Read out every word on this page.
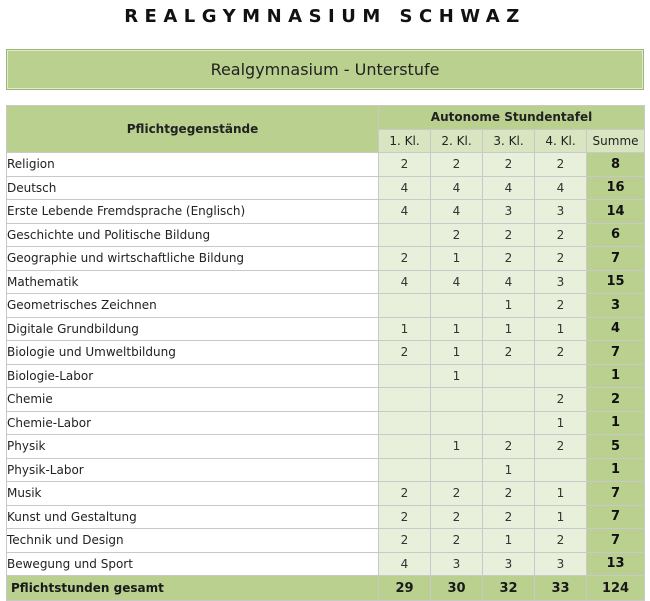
REALGYMNASIUM SCHWAZ
Realgymnasium - Unterstufe
Pflichtgegenstände	Autonome Stundentafel				
	1. Kl.	2. Kl.	3. Kl.	4. Kl.	Summe
Religion	2	2	2	2	8
Deutsch	4	4	4	4	16
Erste Lebende Fremdsprache (Englisch)	4	4	3	3	14
Geschichte und Politische Bildung		2	2	2	6
Geographie und wirtschaftliche Bildung	2	1	2	2	7
Mathematik	4	4	4	3	15
Geometrisches Zeichnen			1	2	3
Digitale Grundbildung	1	1	1	1	4
Biologie und Umweltbildung	2	1	2	2	7
Biologie-Labor		1			1
Chemie				2	2
Chemie-Labor				1	1
Physik		1	2	2	5
Physik-Labor			1		1
Musik	2	2	2	1	7
Kunst und Gestaltung	2	2	2	1	7
Technik und Design	2	2	1	2	7
Bewegung und Sport	4	3	3	3	13
Pflichtstunden gesamt	29	30	32	33	124
